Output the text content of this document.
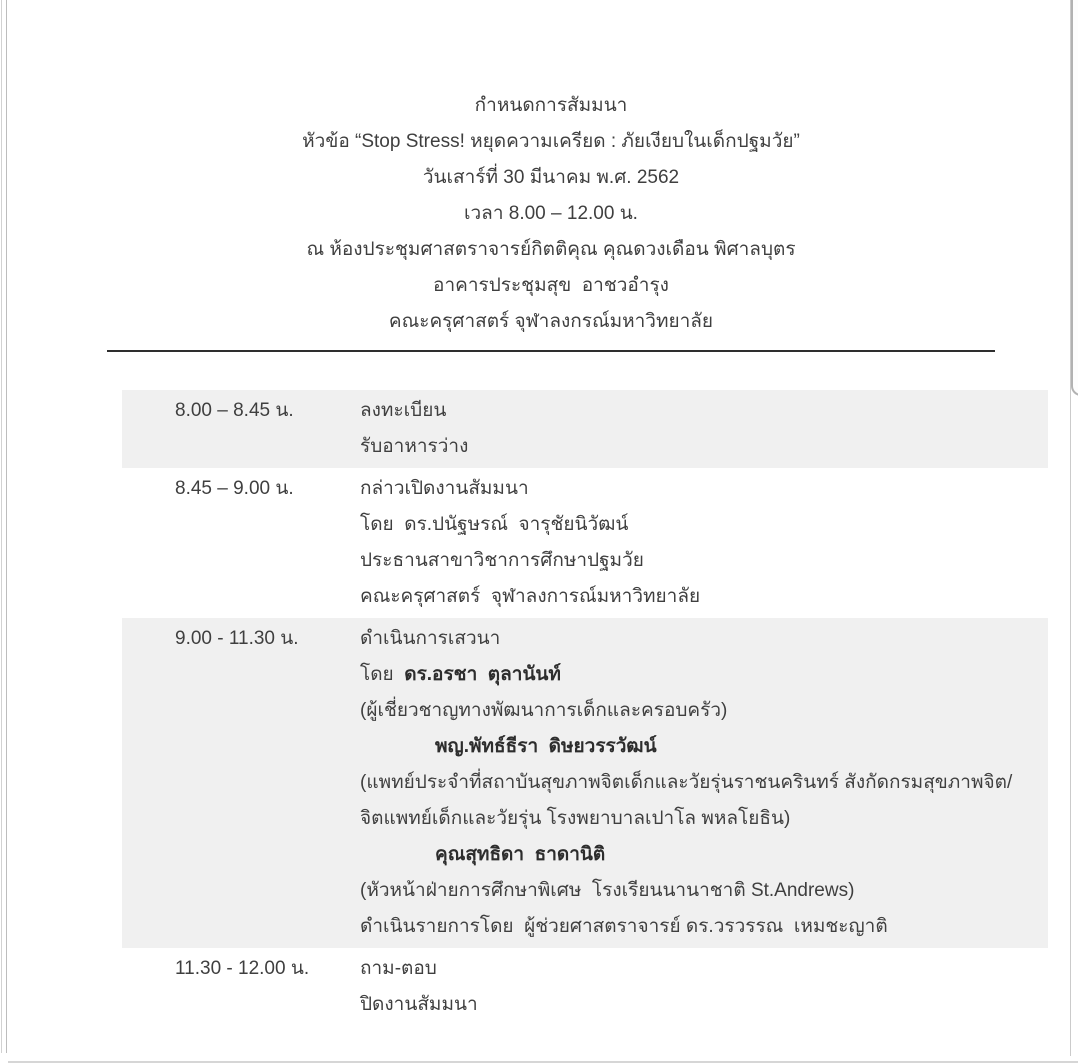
กำหนดการสัมมนา
หัวข้อ “Stop Stress! หยุดความเครียด : ภัยเงียบในเด็กปฐมวัย”
วันเสาร์ที่ 30 มีนาคม พ.ศ. 2562
เวลา 8.00 – 12.00 น.
ณ ห้องประชุมศาสตราจารย์กิตติคุณ คุณดวงเดือน พิศาลบุตร
อาคารประชุมสุข  อาชวอำรุง
คณะครุศาสตร์ จุฬาลงกรณ์มหาวิทยาลัย
8.00 – 8.45 น.	ลงทะเบียน
รับอาหารว่าง
8.45 – 9.00 น.	กล่าวเปิดงานสัมมนา
โดย  ดร.ปนัฐษรณ์  จารุชัยนิวัฒน์
ประธานสาขาวิชาการศึกษาปฐมวัย
คณะครุศาสตร์  จุฬาลงการณ์มหาวิทยาลัย
9.00 - 11.30 น.	ดำเนินการเสวนา
โดย  ดร.อรชา  ตุลานันท์
(ผู้เชี่ยวชาญทางพัฒนาการเด็กและครอบครัว)
พญ.พัทธ์ธีรา  ดิษยวรรวัฒน์
(แพทย์ประจำที่สถาบันสุขภาพจิตเด็กและวัยรุ่นราชนครินทร์ สังกัดกรมสุขภาพจิต/
จิตแพทย์เด็กและวัยรุ่น โรงพยาบาลเปาโล พหลโยธิน)
คุณสุทธิดา  ธาดานิติ
(หัวหน้าฝ่ายการศึกษาพิเศษ  โรงเรียนนานาชาติ St.Andrews)
ดำเนินรายการโดย  ผู้ช่วยศาสตราจารย์ ดร.วรวรรณ  เหมชะญาติ
11.30 - 12.00 น.	ถาม-ตอบ
ปิดงานสัมมนา
